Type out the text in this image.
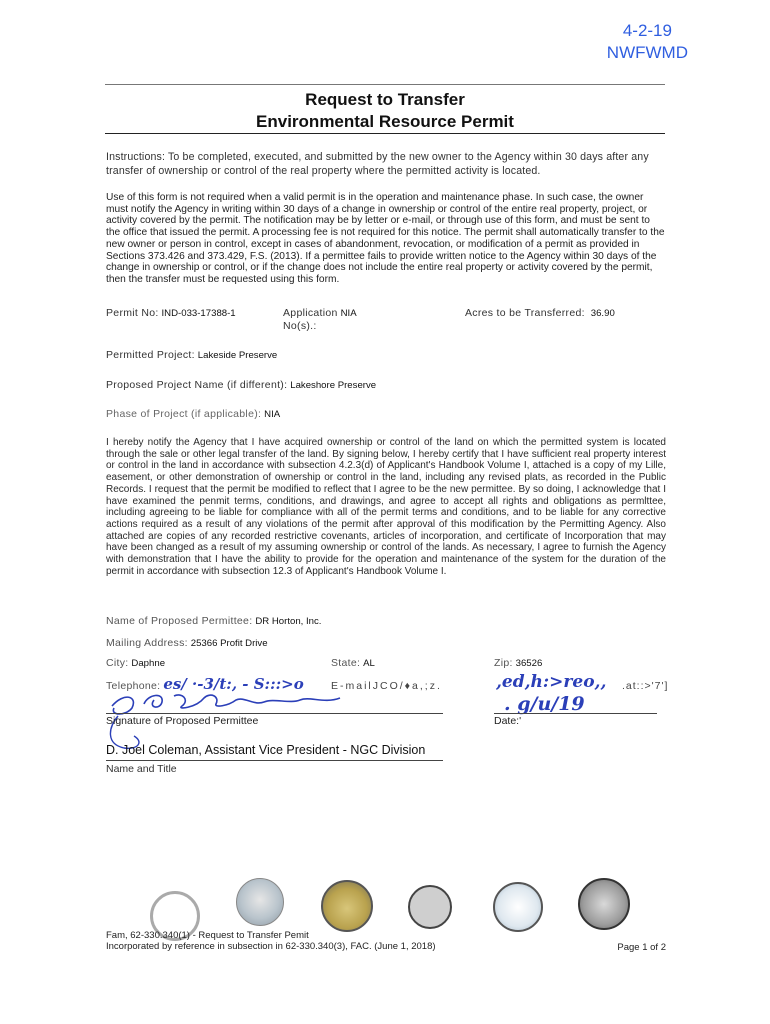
4-2-19
NWFWMD
Request to Transfer
Environmental Resource Permit
Instructions: To be completed, executed, and submitted by the new owner to the Agency within 30 days after any transfer of ownership or control of the real property where the permitted activity is located.
Use of this form is not required when a valid permit is in the operation and maintenance phase. In such case, the owner must notify the Agency in writing within 30 days of a change in ownership or control of the entire real property, project, or activity covered by the permit. The notification may be by letter or e-mail, or through use of this form, and must be sent to the office that issued the permit. A processing fee is not required for this notice. The permit shall automatically transfer to the new owner or person in control, except in cases of abandonment, revocation, or modification of a permit as provided in Sections 373.426 and 373.429, F.S. (2013). If a permittee fails to provide written notice to the Agency within 30 days of the change in ownership or control, or if the change does not include the entire real property or activity covered by the permit, then the transfer must be requested using this form.
Permit No: IND-033-17388-1	Application NIA
No(s).:
Acres to be Transferred: 36.90
Permitted Project: Lakeside Preserve
Proposed Project Name (if different): Lakeshore Preserve
Phase of Project (if applicable): NIA
I hereby notify the Agency that I have acquired ownership or control of the land on which the permitted system is located through the sale or other legal transfer of the land. By signing below, I hereby certify that I have sufficient real property interest or control in the land in accordance with subsection 4.2.3(d) of Applicant's Handbook Volume I, attached is a copy of my Lille, easement, or other demonstration of ownership or control in the land, including any revised plats, as recorded in the Public Records. I request that the permit be modified to reflect that I agree to be the new permittee. By so doing, I acknowledge that I have examined the penmit terms, conditions, and drawings, and agree to accept all rights and obligations as permlttee, including agreeing to be liable for compliance with all of the permit terms and conditions, and to be liable for any corrective actions required as a result of any violations of the permit after approval of this modification by the Permitting Agency. Also attached are copies of any recorded restrictive covenants, articles of incorporation, and certificate of Incorporation that may have been changed as a result of my assuming ownership or control of the lands. As necessary, I agree to furnish the Agency with demonstration that I have the ability to provide for the operation and maintenance of the system for the duration of the permit in accordance with subsection 12.3 of Applicant's Handbook Volume I.
Name of Proposed Permittee: DR Horton, Inc.
Mailing Address: 25366 Profit Drive
City: Daphne	State: AL	Zip: 36526
Telephone: es/ ·-3/t:, - S:::>o	E-mailJCO/♦a,;z.	,ed,h:>reo,, .at::>'7']
Signature of Proposed Permittee
. g/u/19
Date:'
D. Joel Coleman, Assistant Vice President - NGC Division
Name and Title
Fam, 62-330.340(1) - Request to Transfer Pemit
Incorporated by reference in subsection in 62-330.340(3), FAC. (June 1, 2018)	Page 1 of 2
